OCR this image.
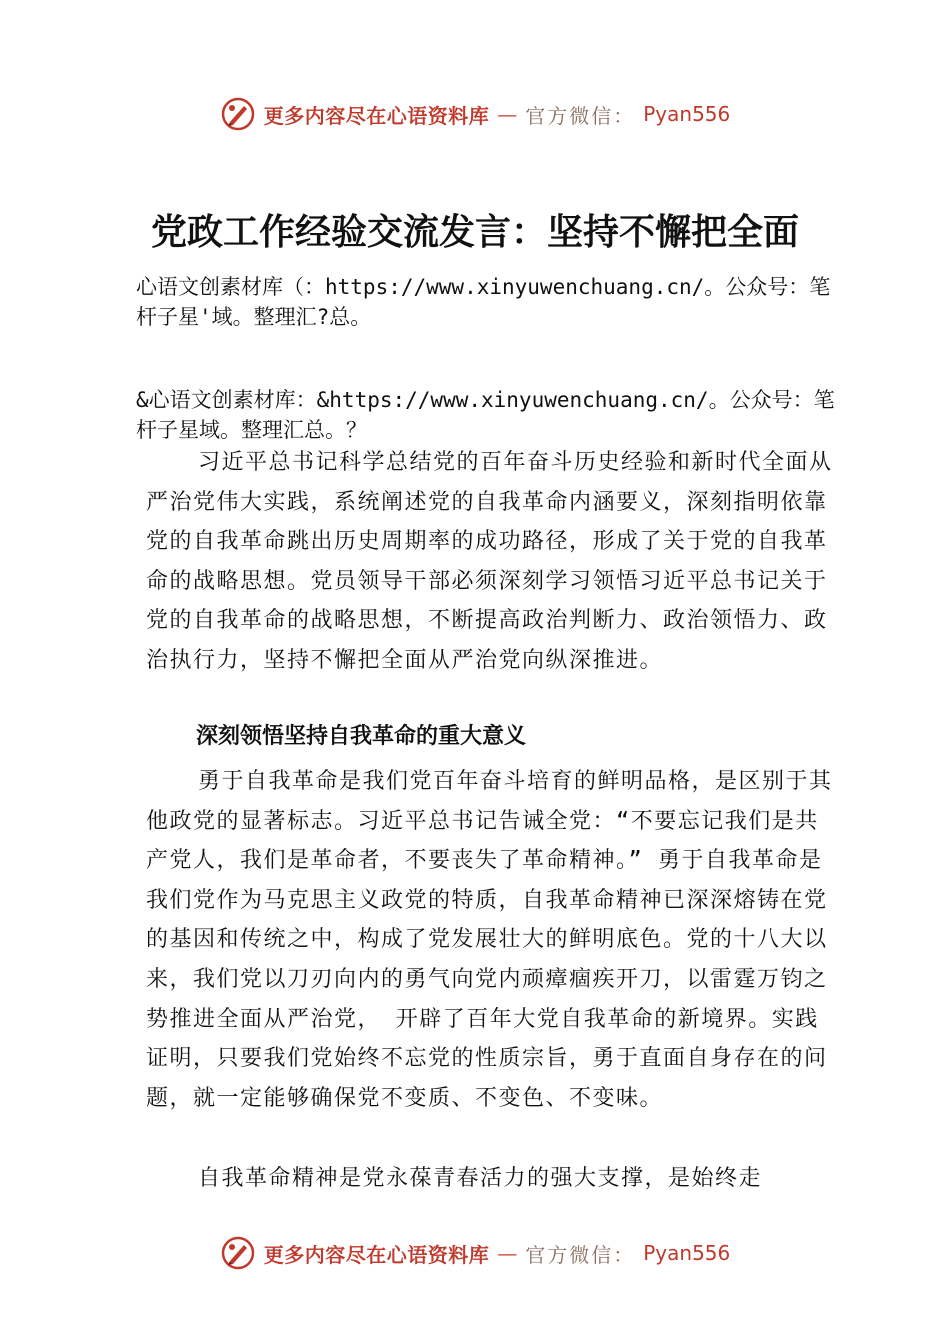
更多内容尽在心语资料库 — 官方微信： Pyan556
党政工作经验交流发言：坚持不懈把全面

心语文创素材库（：https://www.xinyuwenchuang.cn/。公众号：笔杆子星'域。整理汇?总。

&心语文创素材库：&https://www.xinyuwenchuang.cn/。公众号：笔杆子星域。整理汇总。？

习近平总书记科学总结党的百年奋斗历史经验和新时代全面从严治党伟大实践，系统阐述党的自我革命内涵要义，深刻指明依靠党的自我革命跳出历史周期率的成功路径，形成了关于党的自我革命的战略思想。党员领导干部必须深刻学习领悟习近平总书记关于党的自我革命的战略思想，不断提高政治判断力、政治领悟力、政治执行力，坚持不懈把全面从严治党向纵深推进。

深刻领悟坚持自我革命的重大意义

勇于自我革命是我们党百年奋斗培育的鲜明品格，是区别于其他政党的显著标志。习近平总书记告诫全党：“不要忘记我们是共产党人，我们是革命者，不要丧失了革命精神。” 勇于自我革命是我们党作为马克思主义政党的特质，自我革命精神已深深熔铸在党的基因和传统之中，构成了党发展壮大的鲜明底色。党的十八大以来，我们党以刀刃向内的勇气向党内顽瘴痼疾开刀，以雷霆万钧之势推进全面从严治党， 开辟了百年大党自我革命的新境界。实践证明，只要我们党始终不忘党的性质宗旨，勇于直面自身存在的问题，就一定能够确保党不变质、不变色、不变味。

自我革命精神是党永葆青春活力的强大支撑，是始终走

更多内容尽在心语资料库 — 官方微信： Pyan556
